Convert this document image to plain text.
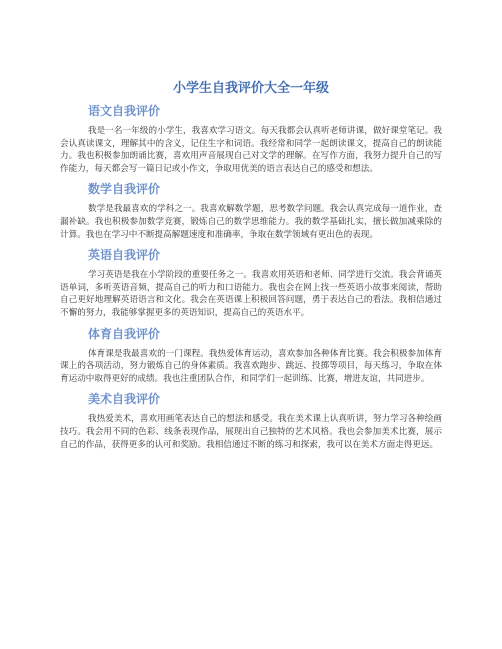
小学生自我评价大全一年级
语文自我评价

我是一名一年级的小学生，我喜欢学习语文。每天我都会认真听老师讲课，做好课堂笔记。我会认真读课文，理解其中的含义，记住生字和词语。我经常和同学一起朗读课文，提高自己的朗读能力。我也积极参加朗诵比赛，喜欢用声音展现自己对文学的理解。在写作方面，我努力提升自己的写作能力，每天都会写一篇日记或小作文，争取用优美的语言表达自己的感受和想法。

数学自我评价

数学是我最喜欢的学科之一。我喜欢解数学题，思考数学问题。我会认真完成每一道作业，查漏补缺。我也积极参加数学竞赛，锻炼自己的数学思维能力。我的数学基础扎实，擅长做加减乘除的计算。我也在学习中不断提高解题速度和准确率，争取在数学领域有更出色的表现。

英语自我评价

学习英语是我在小学阶段的重要任务之一。我喜欢用英语和老师、同学进行交流。我会背诵英语单词，多听英语音频，提高自己的听力和口语能力。我也会在网上找一些英语小故事来阅读，帮助自己更好地理解英语语言和文化。我会在英语课上积极回答问题，勇于表达自己的看法。我相信通过不懈的努力，我能够掌握更多的英语知识，提高自己的英语水平。

体育自我评价

体育课是我最喜欢的一门课程。我热爱体育运动，喜欢参加各种体育比赛。我会积极参加体育课上的各项活动，努力锻炼自己的身体素质。我喜欢跑步、跳远、投掷等项目，每天练习，争取在体育运动中取得更好的成绩。我也注重团队合作，和同学们一起训练、比赛，增进友谊，共同进步。

美术自我评价

我热爱美术，喜欢用画笔表达自己的想法和感受。我在美术课上认真听讲，努力学习各种绘画技巧。我会用不同的色彩、线条表现作品，展现出自己独特的艺术风格。我也会参加美术比赛，展示自己的作品，获得更多的认可和奖励。我相信通过不断的练习和探索，我可以在美术方面走得更远。
